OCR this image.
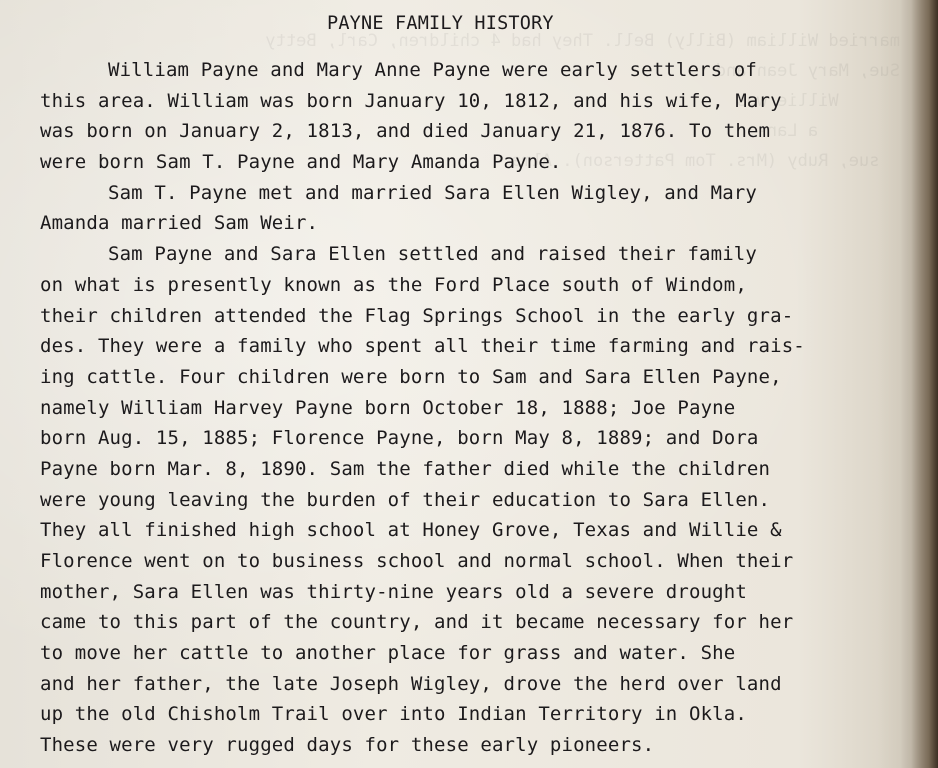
married William (Billy) Bell. They had 4 children, Carl, Betty
Sue, Mary Jean and
Willie was
a Lan-
sue, Ruby (Mrs. Tom Patterson). Alma

PAYNE FAMILY HISTORY
William Payne and Mary Anne Payne were early settlers of
this area. William was born January 10, 1812, and his wife, Mary
was born on January 2, 1813, and died January 21, 1876. To them
were born Sam T. Payne and Mary Amanda Payne.
Sam T. Payne met and married Sara Ellen Wigley, and Mary
Amanda married Sam Weir.
Sam Payne and Sara Ellen settled and raised their family
on what is presently known as the Ford Place south of Windom,
their children attended the Flag Springs School in the early gra-
des. They were a family who spent all their time farming and rais-
ing cattle. Four children were born to Sam and Sara Ellen Payne,
namely William Harvey Payne born October 18, 1888; Joe Payne
born Aug. 15, 1885; Florence Payne, born May 8, 1889; and Dora
Payne born Mar. 8, 1890. Sam the father died while the children
were young leaving the burden of their education to Sara Ellen.
They all finished high school at Honey Grove, Texas and Willie &
Florence went on to business school and normal school. When their
mother, Sara Ellen was thirty-nine years old a severe drought
came to this part of the country, and it became necessary for her
to move her cattle to another place for grass and water. She
and her father, the late Joseph Wigley, drove the herd over land
up the old Chisholm Trail over into Indian Territory in Okla.
These were very rugged days for these early pioneers.
